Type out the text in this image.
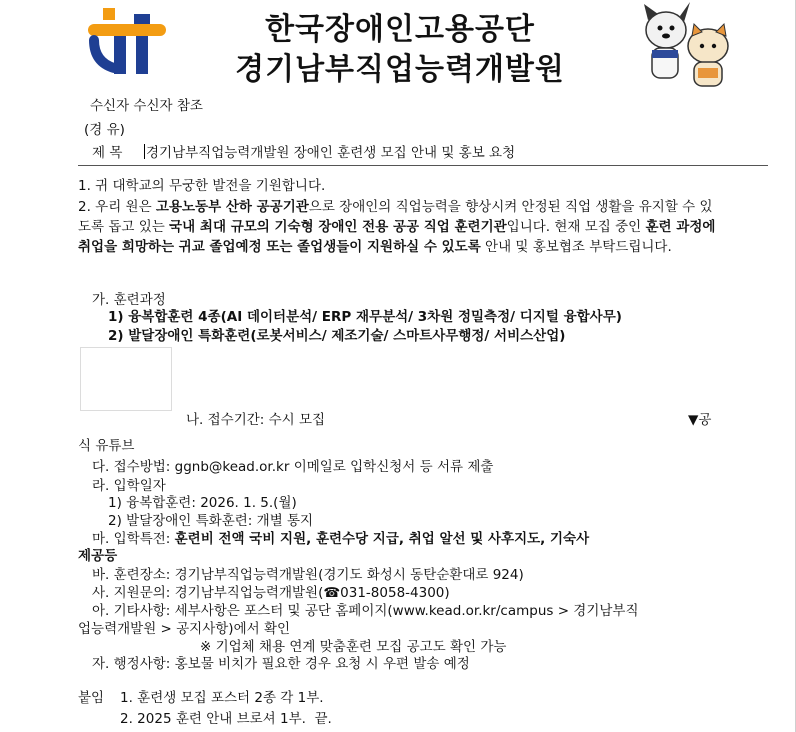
한국장애인고용공단
경기남부직업능력개발원
수신자 수신자 참조
(경 유)
제 목	경기남부직업능력개발원 장애인 훈련생 모집 안내 및 홍보 요청
1. 귀 대학교의 무궁한 발전을 기원합니다.
2. 우리 원은 고용노동부 산하 공공기관으로 장애인의 직업능력을 향상시켜 안정된 직업 생활을 유지할 수 있도록 돕고 있는 국내 최대 규모의 기숙형 장애인 전용 공공 직업 훈련기관입니다. 현재 모집 중인 훈련 과정에 취업을 희망하는 귀교 졸업예정 또는 졸업생들이 지원하실 수 있도록 안내 및 홍보협조 부탁드립니다.
가. 훈련과정
1) 융복합훈련 4종(AI 데이터분석/ ERP 재무분석/ 3차원 정밀측정/ 디지털 융합사무)
2) 발달장애인 특화훈련(로봇서비스/ 제조기술/ 스마트사무행정/ 서비스산업)
나. 접수기간: 수시 모집	▼공
식 유튜브
다. 접수방법: ggnb@kead.or.kr 이메일로 입학신청서 등 서류 제출
라. 입학일자
1) 융복합훈련: 2026. 1. 5.(월)
2) 발달장애인 특화훈련: 개별 통지
마. 입학특전: 훈련비 전액 국비 지원, 훈련수당 지급, 취업 알선 및 사후지도, 기숙사
제공등
바. 훈련장소: 경기남부직업능력개발원(경기도 화성시 동탄순환대로 924)
사. 지원문의: 경기남부직업능력개발원(☎031-8058-4300)
아. 기타사항: 세부사항은 포스터 및 공단 홈페이지(www.kead.or.kr/campus > 경기남부직
업능력개발원 > 공지사항)에서 확인
※ 기업체 채용 연계 맞춤훈련 모집 공고도 확인 가능
자. 행정사항: 홍보물 비치가 필요한 경우 요청 시 우편 발송 예정
붙임 1. 훈련생 모집 포스터 2종 각 1부.
2. 2025 훈련 안내 브로셔 1부. 끝.
